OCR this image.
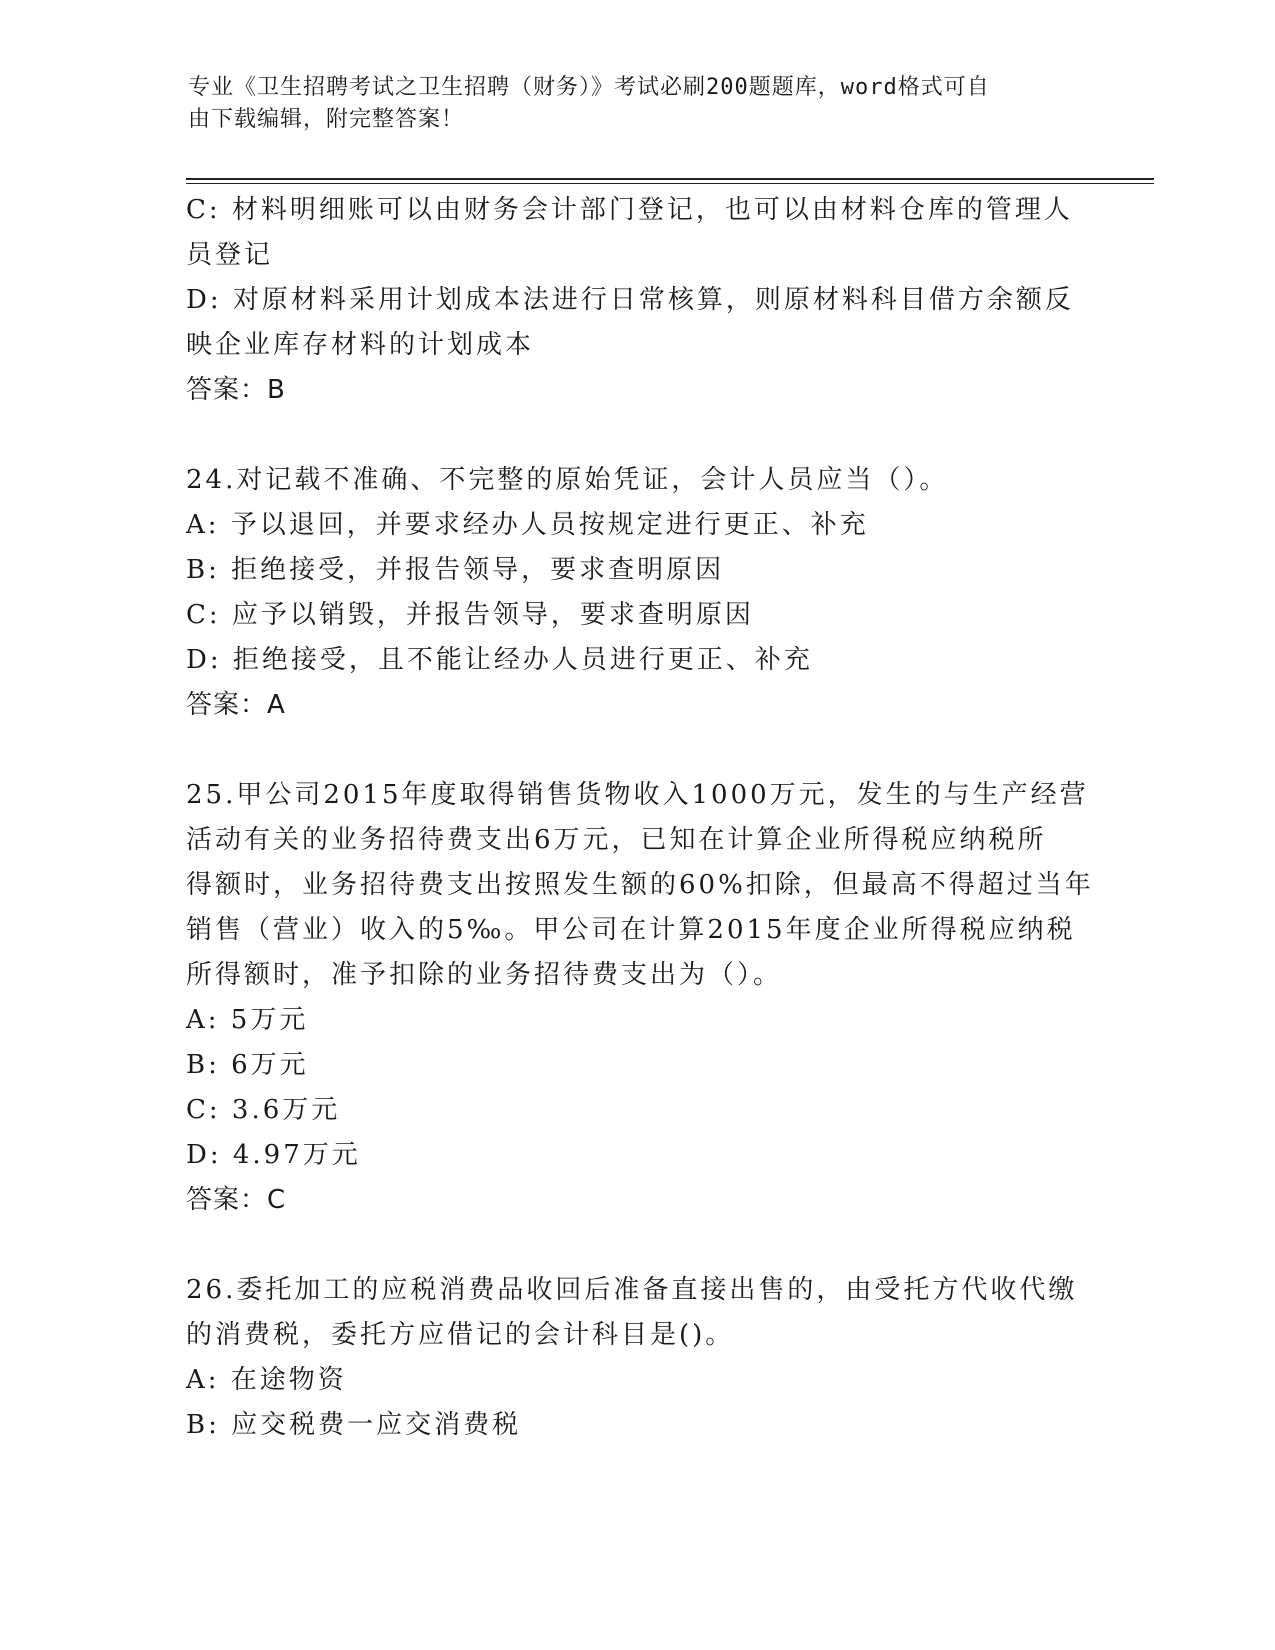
专业《卫生招聘考试之卫生招聘（财务）》考试必刷200题题库，word格式可自
由下载编辑，附完整答案！
C: 材料明细账可以由财务会计部门登记，也可以由材料仓库的管理人
员登记
D: 对原材料采用计划成本法进行日常核算，则原材料科目借方余额反
映企业库存材料的计划成本
答案：B
24.对记载不准确、不完整的原始凭证，会计人员应当（）。
A: 予以退回，并要求经办人员按规定进行更正、补充
B: 拒绝接受，并报告领导，要求查明原因
C: 应予以销毁，并报告领导，要求查明原因
D: 拒绝接受，且不能让经办人员进行更正、补充
答案：A
25.甲公司2015年度取得销售货物收入1000万元，发生的与生产经营
活动有关的业务招待费支出6万元，已知在计算企业所得税应纳税所
得额时，业务招待费支出按照发生额的60%扣除，但最高不得超过当年
销售（营业）收入的5‰。甲公司在计算2015年度企业所得税应纳税
所得额时，准予扣除的业务招待费支出为（）。
A: 5万元
B: 6万元
C: 3.6万元
D: 4.97万元
答案：C
26.委托加工的应税消费品收回后准备直接出售的，由受托方代收代缴
的消费税，委托方应借记的会计科目是()。
A: 在途物资
B: 应交税费一应交消费税
